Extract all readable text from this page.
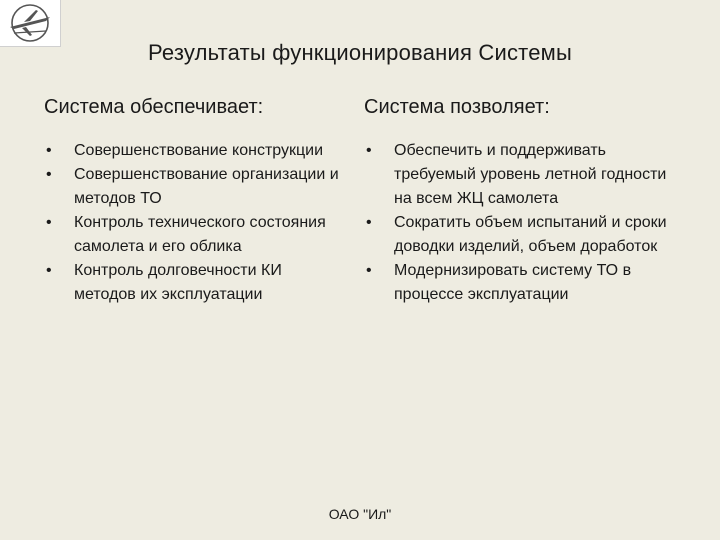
Результаты функционирования Системы
Система обеспечивает:
• Совершенствование конструкции
• Совершенствование организации и методов ТО
• Контроль технического состояния самолета и его облика
• Контроль долговечности КИ методов их эксплуатации
Система позволяет:
• Обеспечить и поддерживать требуемый уровень летной годности на всем ЖЦ самолета
• Сократить объем испытаний и сроки доводки изделий, объем доработок
• Модернизировать систему ТО в процессе эксплуатации
ОАО "Ил"
